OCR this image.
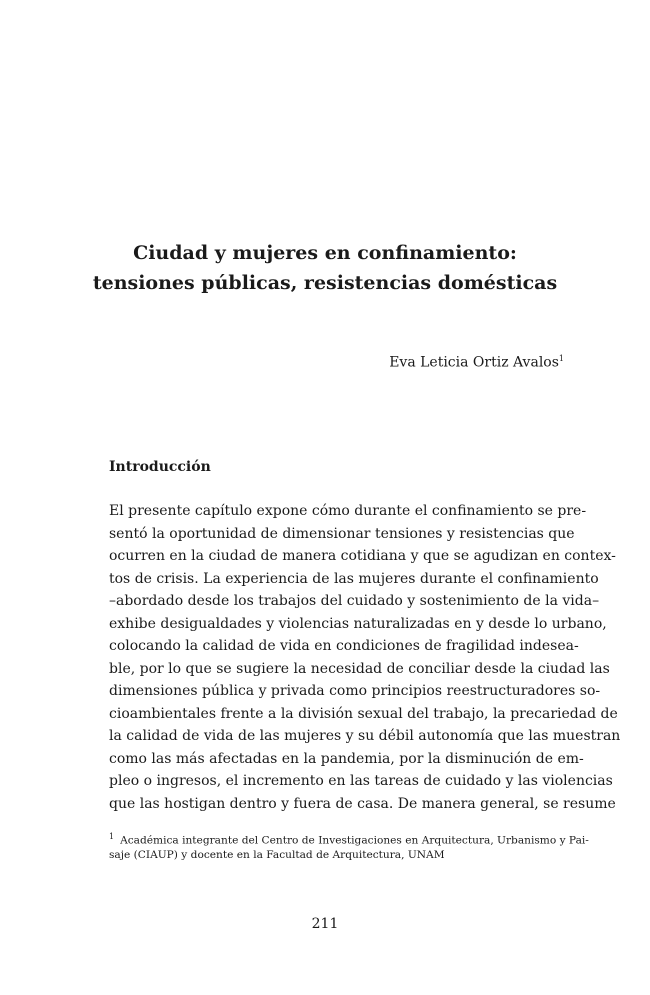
Ciudad y mujeres en confinamiento:
tensiones públicas, resistencias domésticas
Eva Leticia Ortiz Avalos$^1$
Introducción
El presente capítulo expone cómo durante el confinamiento se pre-
sentó la oportunidad de dimensionar tensiones y resistencias que
ocurren en la ciudad de manera cotidiana y que se agudizan en contex-
tos de crisis. La experiencia de las mujeres durante el confinamiento
–abordado desde los trabajos del cuidado y sostenimiento de la vida–
exhibe desigualdades y violencias naturalizadas en y desde lo urbano,
colocando la calidad de vida en condiciones de fragilidad indesea-
ble, por lo que se sugiere la necesidad de conciliar desde la ciudad las
dimensiones pública y privada como principios reestructuradores so-
cioambientales frente a la división sexual del trabajo, la precariedad de
la calidad de vida de las mujeres y su débil autonomía que las muestran
como las más afectadas en la pandemia, por la disminución de em-
pleo o ingresos, el incremento en las tareas de cuidado y las violencias
que las hostigan dentro y fuera de casa. De manera general, se resume
$^1$ Académica integrante del Centro de Investigaciones en Arquitectura, Urbanismo y Pai-
saje (CIAUP) y docente en la Facultad de Arquitectura, UNAM
211
